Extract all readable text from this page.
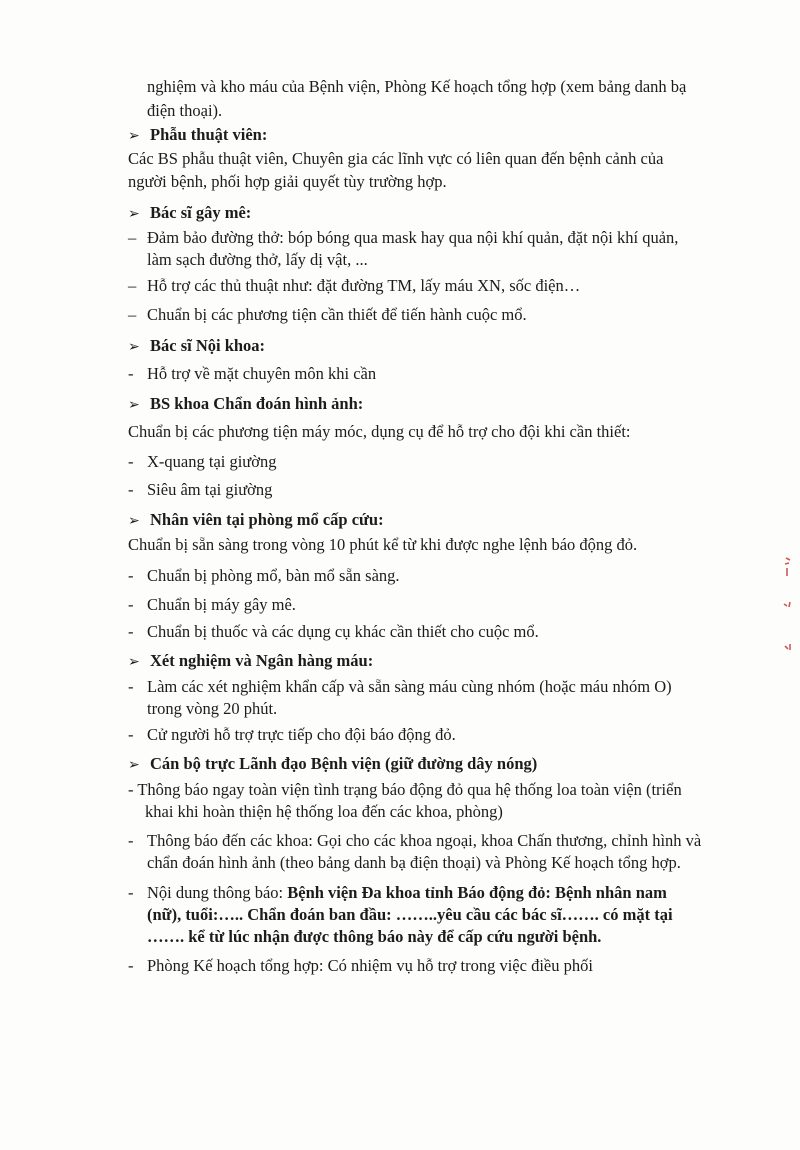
nghiệm và kho máu của Bệnh viện, Phòng Kế hoạch tổng hợp (xem bảng danh bạ
điện thoại).
➢ Phẫu thuật viên:
Các BS phẫu thuật viên, Chuyên gia các lĩnh vực có liên quan đến bệnh cảnh của
người bệnh, phối hợp giải quyết tùy trường hợp.
➢ Bác sĩ gây mê:
– Đảm bảo đường thở: bóp bóng qua mask hay qua nội khí quản, đặt nội khí quản,
làm sạch đường thở, lấy dị vật, ...
– Hỗ trợ các thủ thuật như: đặt đường TM, lấy máu XN, sốc điện…
– Chuẩn bị các phương tiện cần thiết để tiến hành cuộc mổ.
➢ Bác sĩ Nội khoa:
- Hỗ trợ về mặt chuyên môn khi cần
➢ BS khoa Chẩn đoán hình ảnh:
Chuẩn bị các phương tiện máy móc, dụng cụ để hỗ trợ cho đội khi cần thiết:
- X-quang tại giường
- Siêu âm tại giường
➢ Nhân viên tại phòng mổ cấp cứu:
Chuẩn bị sẵn sàng trong vòng 10 phút kể từ khi được nghe lệnh báo động đỏ.
- Chuẩn bị phòng mổ, bàn mổ sẵn sàng.
- Chuẩn bị máy gây mê.
- Chuẩn bị thuốc và các dụng cụ khác cần thiết cho cuộc mổ.
➢ Xét nghiệm và Ngân hàng máu:
- Làm các xét nghiệm khẩn cấp và sẵn sàng máu cùng nhóm (hoặc máu nhóm O)
trong vòng 20 phút.
- Cử người hỗ trợ trực tiếp cho đội báo động đỏ.
➢ Cán bộ trực Lãnh đạo Bệnh viện (giữ đường dây nóng)
- Thông báo ngay toàn viện tình trạng báo động đỏ qua hệ thống loa toàn viện (triển
khai khi hoàn thiện hệ thống loa đến các khoa, phòng)
- Thông báo đến các khoa: Gọi cho các khoa ngoại, khoa Chấn thương, chỉnh hình và
chẩn đoán hình ảnh (theo bảng danh bạ điện thoại) và Phòng Kế hoạch tổng hợp.
- Nội dung thông báo: Bệnh viện Đa khoa tỉnh Báo động đỏ: Bệnh nhân nam
(nữ), tuổi:….. Chẩn đoán ban đầu: ……..yêu cầu các bác sĩ……. có mặt tại
……. kể từ lúc nhận được thông báo này để cấp cứu người bệnh.
- Phòng Kế hoạch tổng hợp: Có nhiệm vụ hỗ trợ trong việc điều phối
